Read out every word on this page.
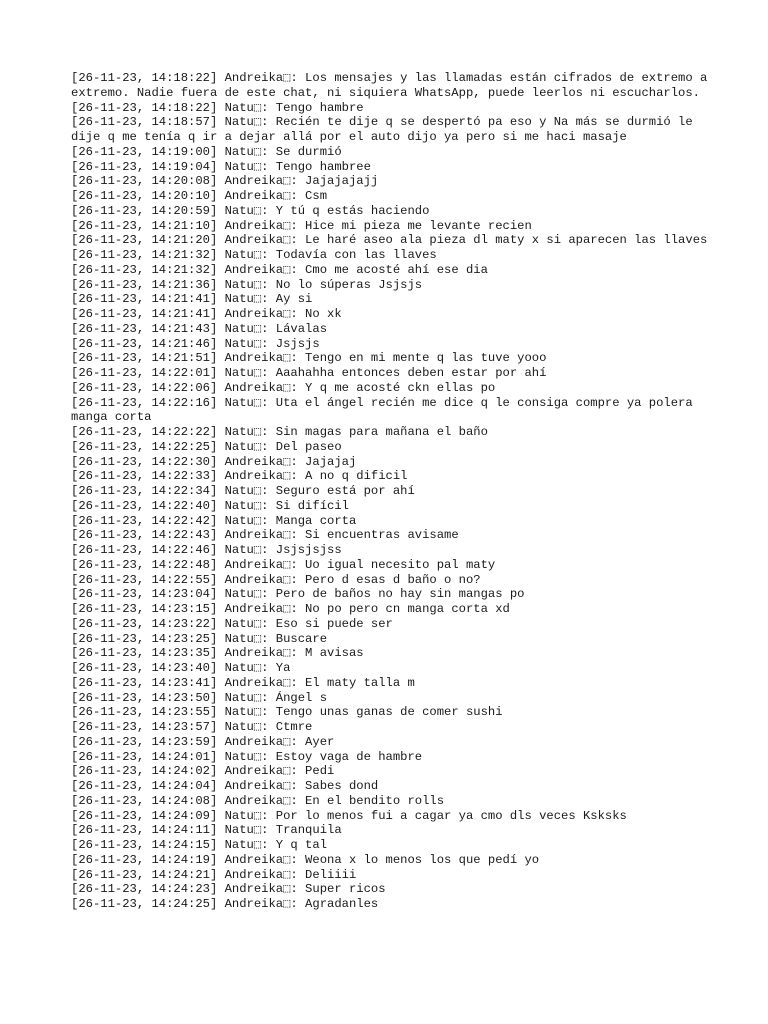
[26-11-23, 14:18:22] Andreika⬚: Los mensajes y las llamadas están cifrados de extremo a extremo. Nadie fuera de este chat, ni siquiera WhatsApp, puede leerlos ni escucharlos.
[26-11-23, 14:18:22] Natu⬚: Tengo hambre
[26-11-23, 14:18:57] Natu⬚: Recién te dije q se despertó pa eso y Na más se durmió le dije q me tenía q ir a dejar allá por el auto dijo ya pero si me haci masaje
[26-11-23, 14:19:00] Natu⬚: Se durmió
[26-11-23, 14:19:04] Natu⬚: Tengo hambree
[26-11-23, 14:20:08] Andreika⬚: Jajajajajj
[26-11-23, 14:20:10] Andreika⬚: Csm
[26-11-23, 14:20:59] Natu⬚: Y tú q estás haciendo
[26-11-23, 14:21:10] Andreika⬚: Hice mi pieza me levante recien
[26-11-23, 14:21:20] Andreika⬚: Le haré aseo ala pieza dl maty x si aparecen las llaves
[26-11-23, 14:21:32] Natu⬚: Todavía con las llaves
[26-11-23, 14:21:32] Andreika⬚: Cmo me acosté ahí ese dia
[26-11-23, 14:21:36] Natu⬚: No lo súperas Jsjsjs
[26-11-23, 14:21:41] Natu⬚: Ay si
[26-11-23, 14:21:41] Andreika⬚: No xk
[26-11-23, 14:21:43] Natu⬚: Lávalas
[26-11-23, 14:21:46] Natu⬚: Jsjsjs
[26-11-23, 14:21:51] Andreika⬚: Tengo en mi mente q las tuve yooo
[26-11-23, 14:22:01] Natu⬚: Aaahahha entonces deben estar por ahí
[26-11-23, 14:22:06] Andreika⬚: Y q me acosté ckn ellas po
[26-11-23, 14:22:16] Natu⬚: Uta el ángel recién me dice q le consiga compre ya polera manga corta
[26-11-23, 14:22:22] Natu⬚: Sin magas para mañana el baño
[26-11-23, 14:22:25] Natu⬚: Del paseo
[26-11-23, 14:22:30] Andreika⬚: Jajajaj
[26-11-23, 14:22:33] Andreika⬚: A no q dificil
[26-11-23, 14:22:34] Natu⬚: Seguro está por ahí
[26-11-23, 14:22:40] Natu⬚: Si difícil
[26-11-23, 14:22:42] Natu⬚: Manga corta
[26-11-23, 14:22:43] Andreika⬚: Si encuentras avisame
[26-11-23, 14:22:46] Natu⬚: Jsjsjsjss
[26-11-23, 14:22:48] Andreika⬚: Uo igual necesito pal maty
[26-11-23, 14:22:55] Andreika⬚: Pero d esas d baño o no?
[26-11-23, 14:23:04] Natu⬚: Pero de baños no hay sin mangas po
[26-11-23, 14:23:15] Andreika⬚: No po pero cn manga corta xd
[26-11-23, 14:23:22] Natu⬚: Eso si puede ser
[26-11-23, 14:23:25] Natu⬚: Buscare
[26-11-23, 14:23:35] Andreika⬚: M avisas
[26-11-23, 14:23:40] Natu⬚: Ya
[26-11-23, 14:23:41] Andreika⬚: El maty talla m
[26-11-23, 14:23:50] Natu⬚: Ángel s
[26-11-23, 14:23:55] Natu⬚: Tengo unas ganas de comer sushi
[26-11-23, 14:23:57] Natu⬚: Ctmre
[26-11-23, 14:23:59] Andreika⬚: Ayer
[26-11-23, 14:24:01] Natu⬚: Estoy vaga de hambre
[26-11-23, 14:24:02] Andreika⬚: Pedi
[26-11-23, 14:24:04] Andreika⬚: Sabes dond
[26-11-23, 14:24:08] Andreika⬚: En el bendito rolls
[26-11-23, 14:24:09] Natu⬚: Por lo menos fui a cagar ya cmo dls veces Ksksks
[26-11-23, 14:24:11] Natu⬚: Tranquila
[26-11-23, 14:24:15] Natu⬚: Y q tal
[26-11-23, 14:24:19] Andreika⬚: Weona x lo menos los que pedí yo
[26-11-23, 14:24:21] Andreika⬚: Deliiii
[26-11-23, 14:24:23] Andreika⬚: Super ricos
[26-11-23, 14:24:25] Andreika⬚: Agradanles
